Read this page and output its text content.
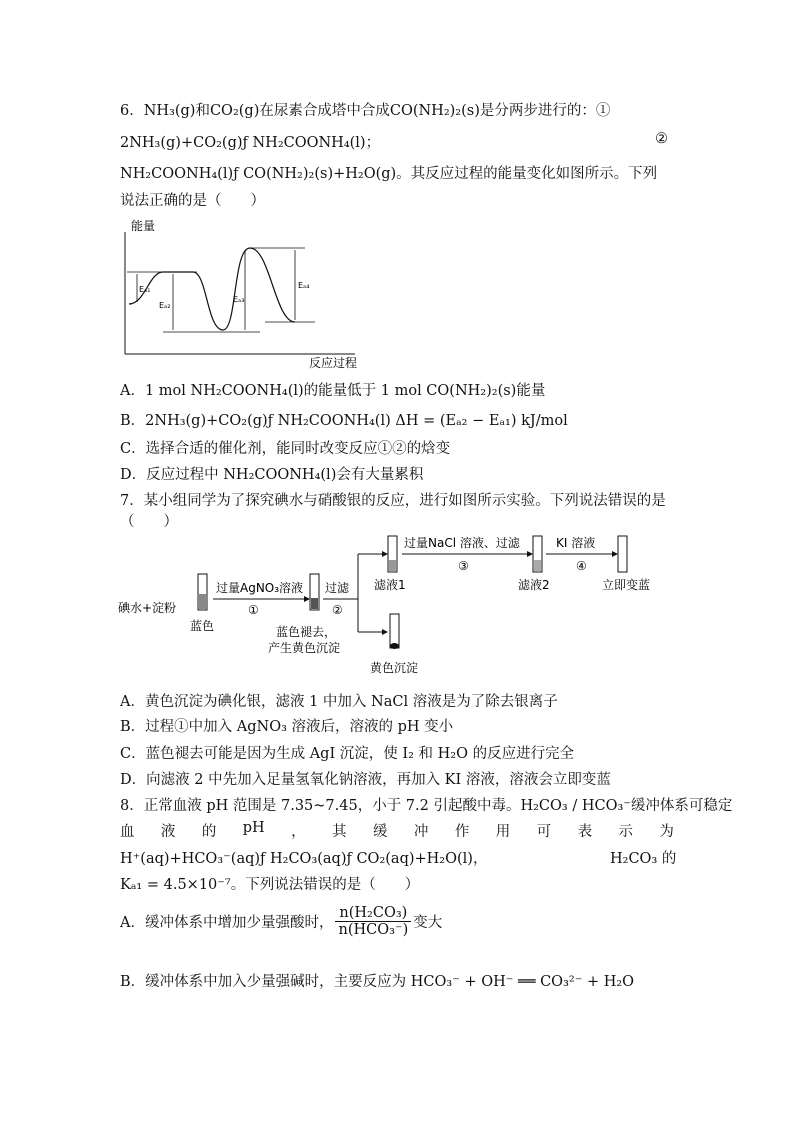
6．NH₃(g)和CO₂(g)在尿素合成塔中合成CO(NH₂)₂(s)是分两步进行的：①
2NH₃(g)+CO₂(g)ƒ NH₂COONH₄(l)；	②
NH₂COONH₄(l)ƒ CO(NH₂)₂(s)+H₂O(g)。其反应过程的能量变化如图所示。下列
说法正确的是（　　）
能量
反应过程
Eₐ₁
Eₐ₂
Eₐ₃
Eₐ₄
A．1 mol NH₂COONH₄(l)的能量低于 1 mol CO(NH₂)₂(s)能量
B．2NH₃(g)+CO₂(g)ƒ NH₂COONH₄(l) ΔH = (Eₐ₂ − Eₐ₁) kJ/mol
C．选择合适的催化剂，能同时改变反应①②的焓变
D．反应过程中 NH₂COONH₄(l)会有大量累积
7．某小组同学为了探究碘水与硝酸银的反应，进行如图所示实验。下列说法错误的是
（　　）
碘水+淀粉
蓝色
过量AgNO₃溶液
①
过滤
②
蓝色褪去，
产生黄色沉淀
过量NaCl 溶液、过滤
③
KI 溶液
④
滤液1	滤液2	立即变蓝
黄色沉淀
A．黄色沉淀为碘化银，滤液 1 中加入 NaCl 溶液是为了除去银离子
B．过程①中加入 AgNO₃ 溶液后，溶液的 pH 变小
C．蓝色褪去可能是因为生成 AgI 沉淀，使 I₂ 和 H₂O 的反应进行完全
D．向滤液 2 中先加入足量氢氧化钠溶液，再加入 KI 溶液，溶液会立即变蓝
8．正常血液 pH 范围是 7.35~7.45，小于 7.2 引起酸中毒。H₂CO₃ / HCO₃⁻缓冲体系可稳定
血 液 的 pH ， 其 缓 冲 作 用 可 表 示 为
H⁺(aq)+HCO₃⁻(aq)ƒ H₂CO₃(aq)ƒ CO₂(aq)+H₂O(l)，	H₂CO₃ 的
Kₐ₁ = 4.5×10⁻⁷。下列说法错误的是（　　）
A．缓冲体系中增加少量强酸时， $\frac{\text{n(H₂CO₃)}}{\text{n(HCO₃⁻)}}$ 变大
B．缓冲体系中加入少量强碱时，主要反应为 HCO₃⁻ + OH⁻ ══ CO₃²⁻ + H₂O
